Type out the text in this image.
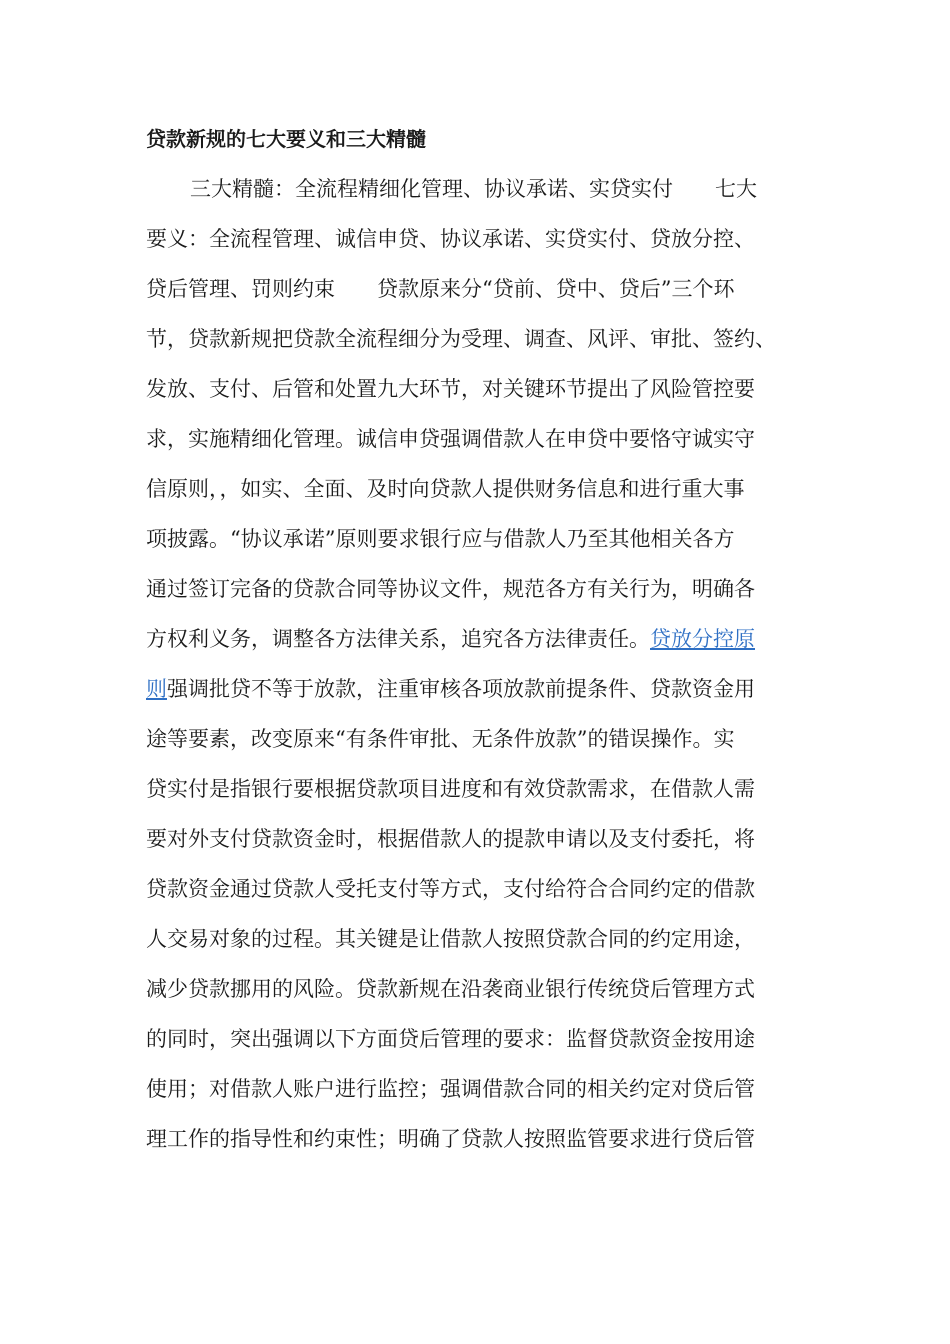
贷款新规的七大要义和三大精髓
三大精髓：全流程精细化管理、协议承诺、实贷实付　　七大
要义：全流程管理、诚信申贷、协议承诺、实贷实付、贷放分控、
贷后管理、罚则约束　　贷款原来分“贷前、贷中、贷后”三个环
节，贷款新规把贷款全流程细分为受理、调查、风评、审批、签约、
发放、支付、后管和处置九大环节，对关键环节提出了风险管控要
求，实施精细化管理。诚信申贷强调借款人在申贷中要恪守诚实守
信原则，，如实、全面、及时向贷款人提供财务信息和进行重大事
项披露。“协议承诺”原则要求银行应与借款人乃至其他相关各方
通过签订完备的贷款合同等协议文件，规范各方有关行为，明确各
方权利义务，调整各方法律关系，追究各方法律责任。贷放分控原
则强调批贷不等于放款，注重审核各项放款前提条件、贷款资金用
途等要素，改变原来“有条件审批、无条件放款”的错误操作。实
贷实付是指银行要根据贷款项目进度和有效贷款需求，在借款人需
要对外支付贷款资金时，根据借款人的提款申请以及支付委托，将
贷款资金通过贷款人受托支付等方式，支付给符合合同约定的借款
人交易对象的过程。其关键是让借款人按照贷款合同的约定用途，
减少贷款挪用的风险。贷款新规在沿袭商业银行传统贷后管理方式
的同时，突出强调以下方面贷后管理的要求：监督贷款资金按用途
使用；对借款人账户进行监控；强调借款合同的相关约定对贷后管
理工作的指导性和约束性；明确了贷款人按照监管要求进行贷后管
